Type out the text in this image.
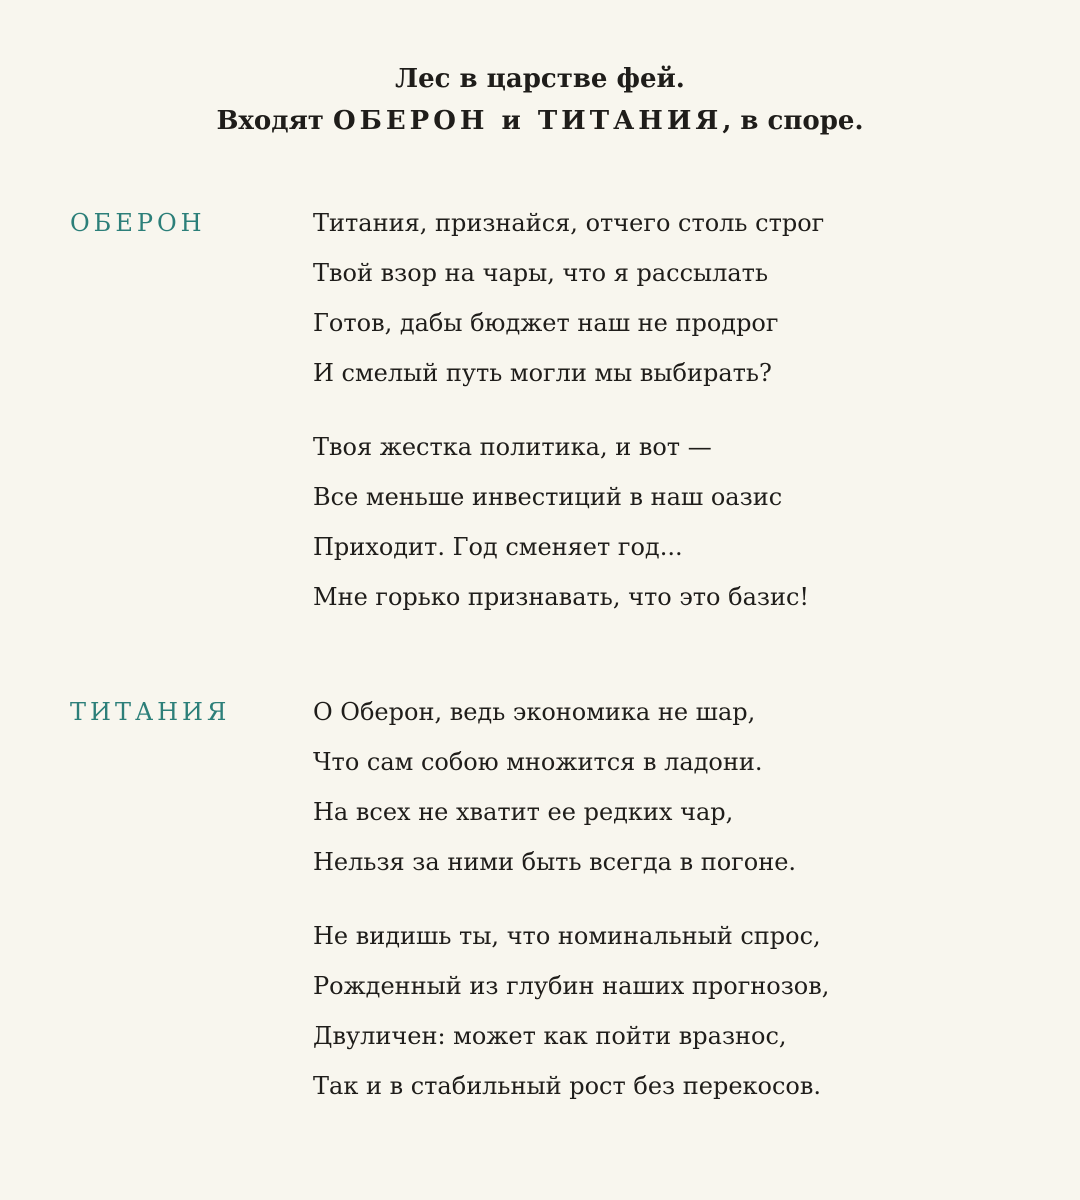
Лес в царстве фей.
Входят ОБЕРОН и ТИТАНИЯ, в споре.
ОБЕРОН	Титания, признайся, отчего столь строг
Твой взор на чары, что я рассылать
Готов, дабы бюджет наш не продрог
И смелый путь могли мы выбирать?
Твоя жестка политика, и вот —
Все меньше инвестиций в наш оазис
Приходит. Год сменяет год...
Мне горько признавать, что это базис!
ТИТАНИЯ	О Оберон, ведь экономика не шар,
Что сам собою множится в ладони.
На всех не хватит ее редких чар,
Нельзя за ними быть всегда в погоне.
Не видишь ты, что номинальный спрос,
Рожденный из глубин наших прогнозов,
Двуличен: может как пойти вразнос,
Так и в стабильный рост без перекосов.
